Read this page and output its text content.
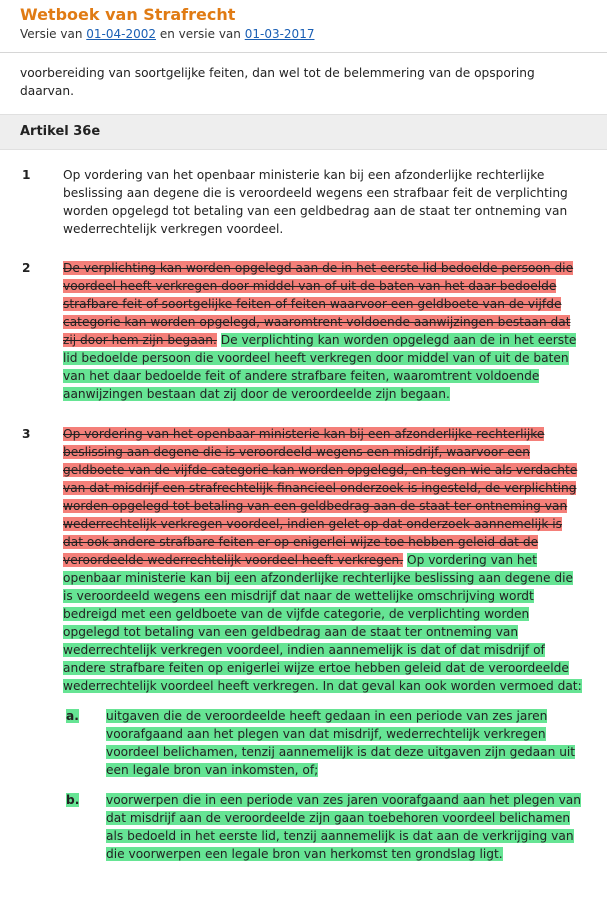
Wetboek van Strafrecht
Versie van 01-04-2002 en versie van 01-03-2017
voorbereiding van soortgelijke feiten, dan wel tot de belemmering van de opsporing daarvan.
Artikel 36e
1	Op vordering van het openbaar ministerie kan bij een afzonderlijke rechterlijke beslissing aan degene die is veroordeeld wegens een strafbaar feit de verplichting worden opgelegd tot betaling van een geldbedrag aan de staat ter ontneming van wederrechtelijk verkregen voordeel.
2	De verplichting kan worden opgelegd aan de in het eerste lid bedoelde persoon die voordeel heeft verkregen door middel van of uit de baten van het daar bedoelde strafbare feit of soortgelijke feiten of feiten waarvoor een geldboete van de vijfde categorie kan worden opgelegd, waaromtrent voldoende aanwijzingen bestaan dat zij door hem zijn begaan. De verplichting kan worden opgelegd aan de in het eerste lid bedoelde persoon die voordeel heeft verkregen door middel van of uit de baten van het daar bedoelde feit of andere strafbare feiten, waaromtrent voldoende aanwijzingen bestaan dat zij door de veroordeelde zijn begaan.
3	Op vordering van het openbaar ministerie kan bij een afzonderlijke rechterlijke beslissing aan degene die is veroordeeld wegens een misdrijf, waarvoor een geldboete van de vijfde categorie kan worden opgelegd, en tegen wie als verdachte van dat misdrijf een strafrechtelijk financieel onderzoek is ingesteld, de verplichting worden opgelegd tot betaling van een geldbedrag aan de staat ter ontneming van wederrechtelijk verkregen voordeel, indien gelet op dat onderzoek aannemelijk is dat ook andere strafbare feiten er op enigerlei wijze toe hebben geleid dat de veroordeelde wederrechtelijk voordeel heeft verkregen. Op vordering van het openbaar ministerie kan bij een afzonderlijke rechterlijke beslissing aan degene die is veroordeeld wegens een misdrijf dat naar de wettelijke omschrijving wordt bedreigd met een geldboete van de vijfde categorie, de verplichting worden opgelegd tot betaling van een geldbedrag aan de staat ter ontneming van wederrechtelijk verkregen voordeel, indien aannemelijk is dat of dat misdrijf of andere strafbare feiten op enigerlei wijze ertoe hebben geleid dat de veroordeelde wederrechtelijk voordeel heeft verkregen. In dat geval kan ook worden vermoed dat:
a. uitgaven die de veroordeelde heeft gedaan in een periode van zes jaren voorafgaand aan het plegen van dat misdrijf, wederrechtelijk verkregen voordeel belichamen, tenzij aannemelijk is dat deze uitgaven zijn gedaan uit een legale bron van inkomsten, of;
b. voorwerpen die in een periode van zes jaren voorafgaand aan het plegen van dat misdrijf aan de veroordeelde zijn gaan toebehoren voordeel belichamen als bedoeld in het eerste lid, tenzij aannemelijk is dat aan de verkrijging van die voorwerpen een legale bron van herkomst ten grondslag ligt.
